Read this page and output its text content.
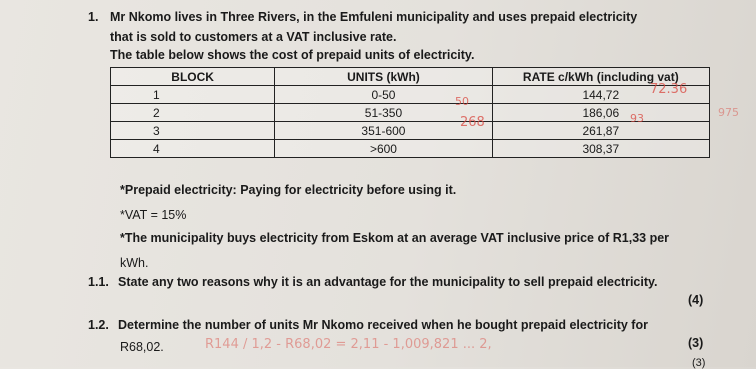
1. Mr Nkomo lives in Three Rivers, in the Emfuleni municipality and uses prepaid electricity
that is sold to customers at a VAT inclusive rate.
The table below shows the cost of prepaid units of electricity.
BLOCK	UNITS (kWh)	RATE c/kWh (including vat)
1	0-50	144,72
2	51-350	186,06
3	351-600	261,87
4	>600	308,37
72.36
93	975
50
268
*Prepaid electricity: Paying for electricity before using it.
*VAT = 15%
*The municipality buys electricity from Eskom at an average VAT inclusive price of R1,33 per
kWh.
1.1. State any two reasons why it is an advantage for the municipality to sell prepaid electricity.
(4)
1.2. Determine the number of units Mr Nkomo received when he bought prepaid electricity for
R68,02.	(3)
(3)
R144 / 1,2 - R68,02 = 2,11 - 1,009,821 ... 2,
